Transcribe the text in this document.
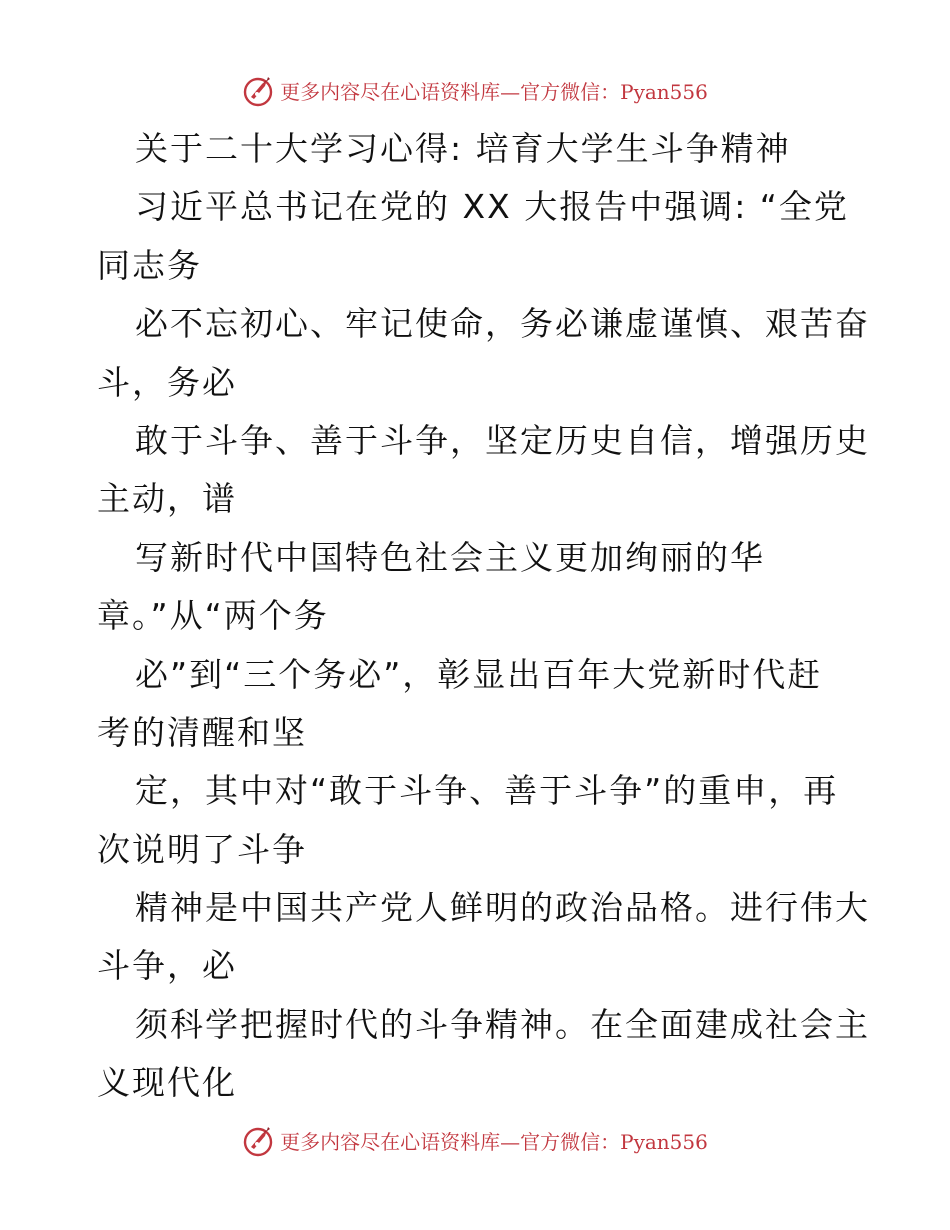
更多内容尽在心语资料库—官方微信：Pyan556
关于二十大学习心得: 培育大学生斗争精神
习近平总书记在党的 XX 大报告中强调: “全党
同志务
必不忘初心、牢记使命，务必谦虚谨慎、艰苦奋
斗，务必
敢于斗争、善于斗争，坚定历史自信，增强历史
主动，谱
写新时代中国特色社会主义更加绚丽的华
章。”从“两个务
必”到“三个务必”，彰显出百年大党新时代赶
考的清醒和坚
定，其中对“敢于斗争、善于斗争”的重申，再
次说明了斗争
精神是中国共产党人鲜明的政治品格。进行伟大
斗争，必
须科学把握时代的斗争精神。在全面建成社会主
义现代化
更多内容尽在心语资料库—官方微信：Pyan556
